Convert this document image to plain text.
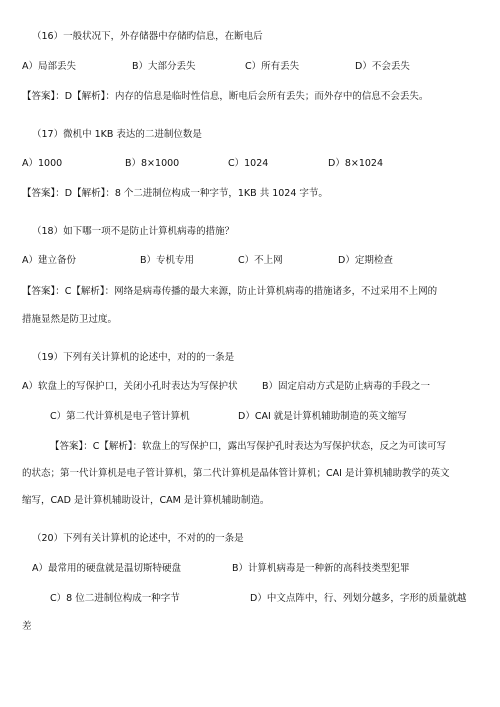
（16）一般状况下，外存储器中存储旳信息，在断电后
A）局部丢失	B）大部分丢失	C）所有丢失	D）不会丢失
【答案】：D【解析】：内存的信息是临时性信息，断电后会所有丢失；而外存中的信息不会丢失。
（17）微机中 1KB 表达的二进制位数是
A）1000	B）8×1000	C）1024	D）8×1024
【答案】：D【解析】：8 个二进制位构成一种字节，1KB 共 1024 字节。
（18）如下哪一项不是防止计算机病毒的措施？
A）建立备份	B）专机专用	C）不上网	D）定期检查
【答案】：C【解析】：网络是病毒传播的最大来源，防止计算机病毒的措施诸多，不过采用不上网的
措施显然是防卫过度。
（19）下列有关计算机的论述中，对的的一条是
A）软盘上的写保护口，关闭小孔时表达为写保护状	B）固定启动方式是防止病毒的手段之一
C）第二代计算机是电子管计算机	D）CAI 就是计算机辅助制造的英文缩写
【答案】：C【解析】：软盘上的写保护口，露出写保护孔时表达为写保护状态，反之为可读可写
的状态；第一代计算机是电子管计算机，第二代计算机是晶体管计算机；CAI 是计算机辅助教学的英文
缩写，CAD 是计算机辅助设计，CAM 是计算机辅助制造。
（20）下列有关计算机的论述中，不对的的一条是
A）最常用的硬盘就是温切斯特硬盘	B）计算机病毒是一种新的高科技类型犯罪
C）8 位二进制位构成一种字节	D）中文点阵中，行、列划分越多，字形的质量就越
差
